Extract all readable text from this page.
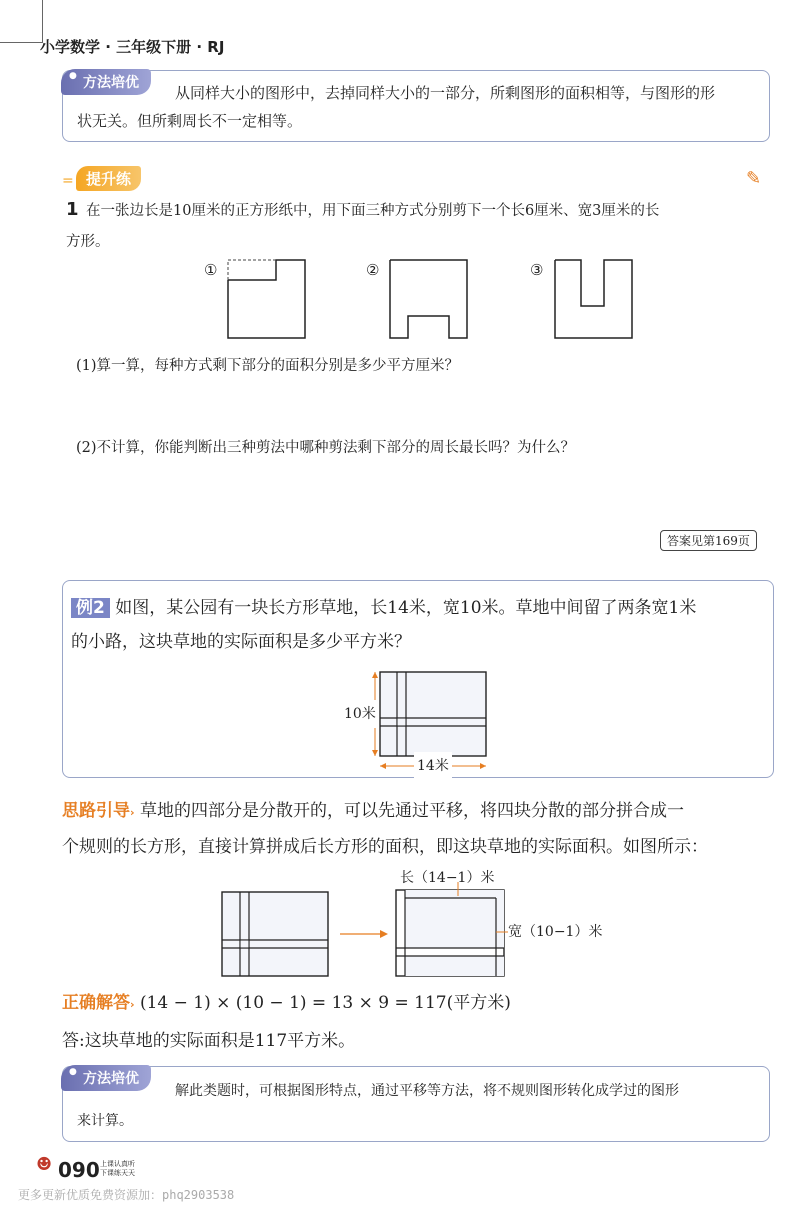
小学数学 · 三年级下册 · RJ
● 方法培优
从同样大小的图形中，去掉同样大小的一部分，所剩图形的面积相等，与图形的形
状无关。但所剩周长不一定相等。
= 提升练	✎
1 在一张边长是10厘米的正方形纸中，用下面三种方式分别剪下一个长6厘米、宽3厘米的长
方形。
①	②	③
(1)算一算，每种方式剩下部分的面积分别是多少平方厘米？
(2)不计算，你能判断出三种剪法中哪种剪法剩下部分的周长最长吗？为什么？
答案见第169页
例2 如图，某公园有一块长方形草地，长14米，宽10米。草地中间留了两条宽1米
的小路，这块草地的实际面积是多少平方米？
10米
14米
思路引导› 草地的四部分是分散开的，可以先通过平移，将四块分散的部分拼合成一
个规则的长方形，直接计算拼成后长方形的面积，即这块草地的实际面积。如图所示：
长（14−1）米
宽（10−1）米
正确解答› (14 − 1) × (10 − 1) = 13 × 9 = 117(平方米)
答:这块草地的实际面积是117平方米。
● 方法培优
解此类题时，可根据图形特点，通过平移等方法，将不规则图形转化成学过的图形
来计算。
☻ 090 上课认真听
下课练天天
更多更新优质免费资源加：phq2903538
